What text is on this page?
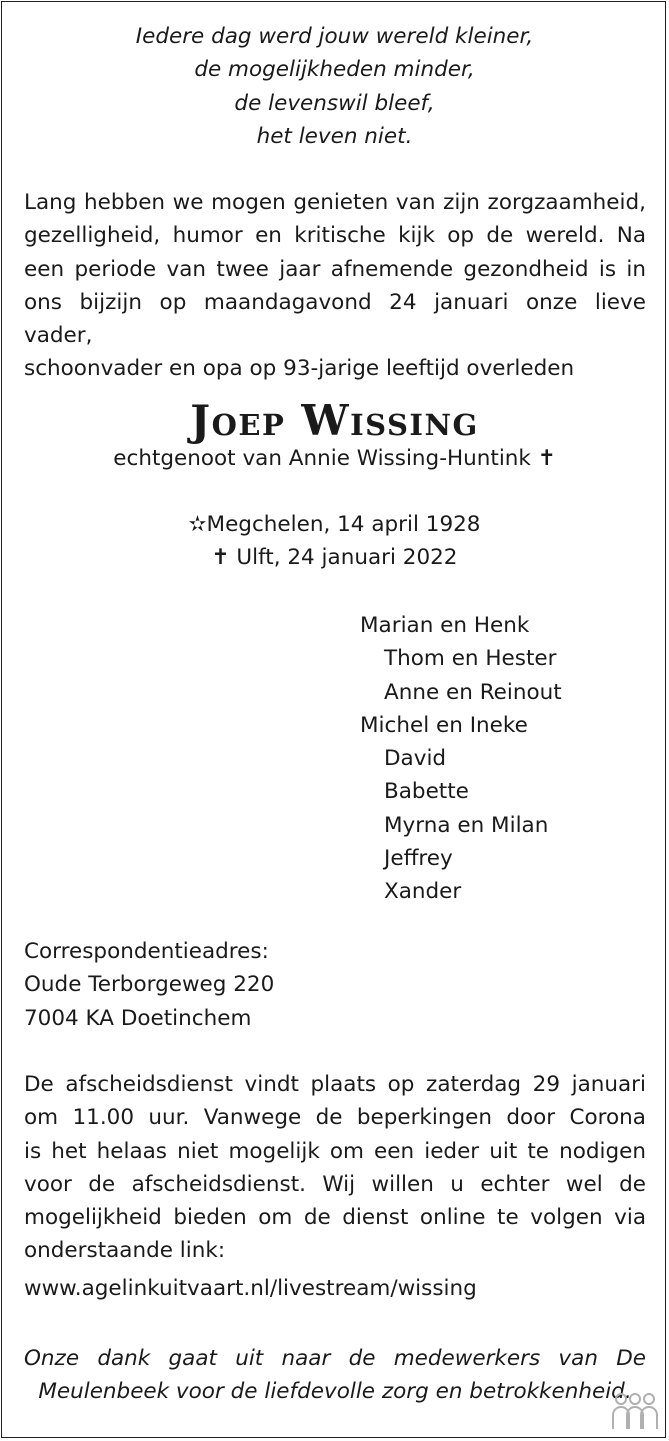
Iedere dag werd jouw wereld kleiner,
de mogelijkheden minder,
de levenswil bleef,
het leven niet.
Lang hebben we mogen genieten van zijn zorgzaamheid,
gezelligheid, humor en kritische kijk op de wereld. Na
een periode van twee jaar afnemende gezondheid is in
ons bijzijn op maandagavond 24 januari onze lieve vader,
schoonvader en opa op 93-jarige leeftijd overleden
Joep Wissing
echtgenoot van Annie Wissing-Huntink ✝
✫Megchelen, 14 april 1928
✝ Ulft, 24 januari 2022
Marian en Henk
Thom en Hester
Anne en Reinout
Michel en Ineke
David
Babette
Myrna en Milan
Jeffrey
Xander
Correspondentieadres:
Oude Terborgeweg 220
7004 KA Doetinchem
De afscheidsdienst vindt plaats op zaterdag 29 januari
om 11.00 uur. Vanwege de beperkingen door Corona
is het helaas niet mogelijk om een ieder uit te nodigen
voor de afscheidsdienst. Wij willen u echter wel de
mogelijkheid bieden om de dienst online te volgen via
onderstaande link:
www.agelinkuitvaart.nl/livestream/wissing
Onze dank gaat uit naar de medewerkers van De
Meulenbeek voor de liefdevolle zorg en betrokkenheid.
